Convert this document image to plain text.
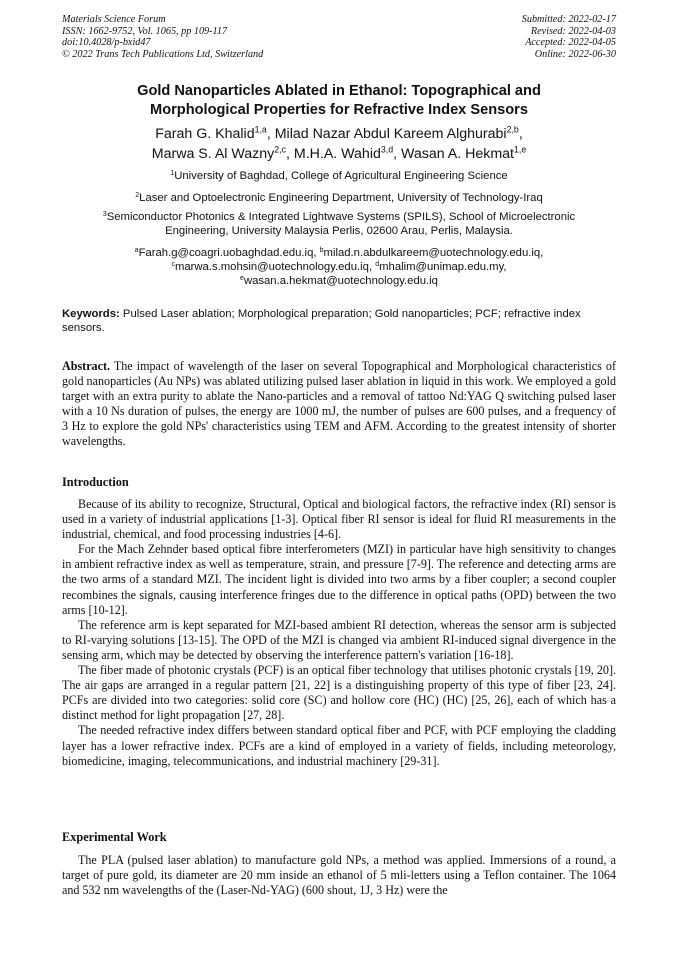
Materials Science Forum
ISSN: 1662-9752, Vol. 1065, pp 109-117
doi:10.4028/p-bxid47
© 2022 Trans Tech Publications Ltd, Switzerland
Submitted: 2022-02-17
Revised: 2022-04-03
Accepted: 2022-04-05
Online: 2022-06-30
Gold Nanoparticles Ablated in Ethanol: Topographical and
Morphological Properties for Refractive Index Sensors
Farah G. Khalid$^{1,a}$, Milad Nazar Abdul Kareem Alghurabi$^{2,b}$,
Marwa S. Al Wazny$^{2,c}$, M.H.A. Wahid$^{3,d}$, Wasan A. Hekmat$^{1,e}$
$^1$University of Baghdad, College of Agricultural Engineering Science
$^2$Laser and Optoelectronic Engineering Department, University of Technology-Iraq
$^3$Semiconductor Photonics & Integrated Lightwave Systems (SPILS), School of Microelectronic
Engineering, University Malaysia Perlis, 02600 Arau, Perlis, Malaysia.
$^a$Farah.g@coagri.uobaghdad.edu.iq, $^b$milad.n.abdulkareem@uotechnology.edu.iq,
$^c$marwa.s.mohsin@uotechnology.edu.iq, $^d$mhalim@unimap.edu.my,
$^e$wasan.a.hekmat@uotechnology.edu.iq
Keywords: Pulsed Laser ablation; Morphological preparation; Gold nanoparticles; PCF; refractive index sensors.
Abstract. The impact of wavelength of the laser on several Topographical and Morphological characteristics of gold nanoparticles (Au NPs) was ablated utilizing pulsed laser ablation in liquid in this work. We employed a gold target with an extra purity to ablate the Nano-particles and a removal of tattoo Nd:YAG Q switching pulsed laser with a 10 Ns duration of pulses, the energy are 1000 mJ, the number of pulses are 600 pulses, and a frequency of 3 Hz to explore the gold NPs' characteristics using TEM and AFM. According to the greatest intensity of shorter wavelengths.
Introduction

Because of its ability to recognize, Structural, Optical and biological factors, the refractive index (RI) sensor is used in a variety of industrial applications [1-3]. Optical fiber RI sensor is ideal for fluid RI measurements in the industrial, chemical, and food processing industries [4-6].

For the Mach Zehnder based optical fibre interferometers (MZI) in particular have high sensitivity to changes in ambient refractive index as well as temperature, strain, and pressure [7-9]. The reference and detecting arms are the two arms of a standard MZI. The incident light is divided into two arms by a fiber coupler; a second coupler recombines the signals, causing interference fringes due to the difference in optical paths (OPD) between the two arms [10-12].

The reference arm is kept separated for MZI-based ambient RI detection, whereas the sensor arm is subjected to RI-varying solutions [13-15]. The OPD of the MZI is changed via ambient RI-induced signal divergence in the sensing arm, which may be detected by observing the interference pattern's variation [16-18].

The fiber made of photonic crystals (PCF) is an optical fiber technology that utilises photonic crystals [19, 20]. The air gaps are arranged in a regular pattern [21, 22] is a distinguishing property of this type of fiber [23, 24]. PCFs are divided into two categories: solid core (SC) and hollow core (HC) (HC) [25, 26], each of which has a distinct method for light propagation [27, 28].

The needed refractive index differs between standard optical fiber and PCF, with PCF employing the cladding layer has a lower refractive index. PCFs are a kind of employed in a variety of fields, including meteorology, biomedicine, imaging, telecommunications, and industrial machinery [29-31].

Experimental Work

The PLA (pulsed laser ablation) to manufacture gold NPs, a method was applied. Immersions of a round, a target of pure gold, its diameter are 20 mm inside an ethanol of 5 mli-letters using a Teflon container. The 1064 and 532 nm wavelengths of the (Laser-Nd-YAG) (600 shout, 1J, 3 Hz) were the
